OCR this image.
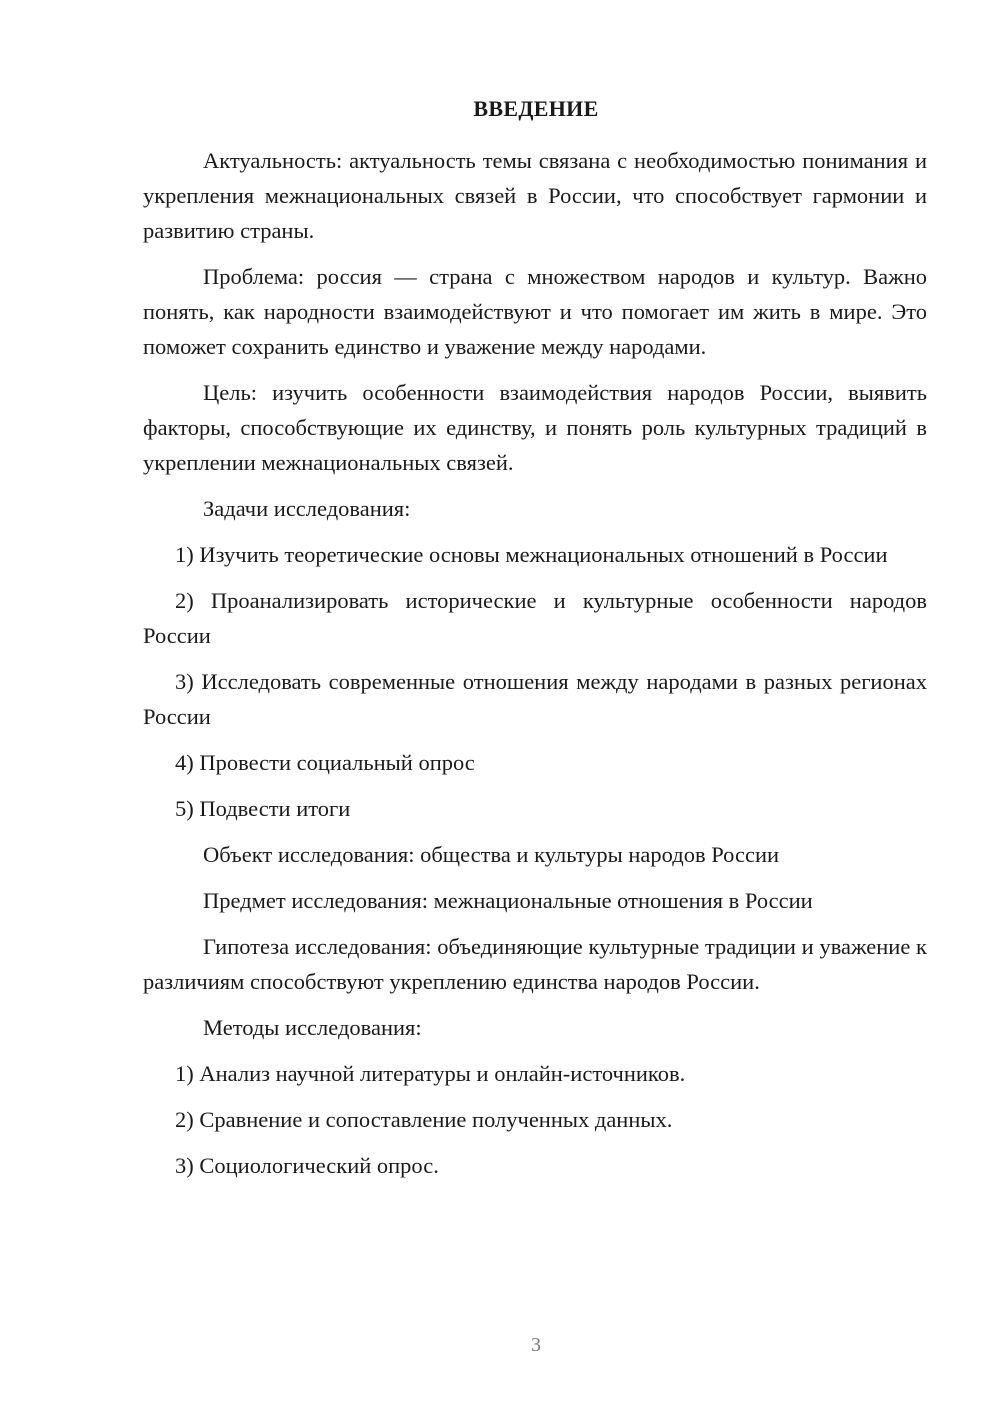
ВВЕДЕНИЕ

Актуальность: актуальность темы связана с необходимостью понимания и укрепления межнациональных связей в России, что способствует гармонии и развитию страны.

Проблема: россия — страна с множеством народов и культур. Важно понять, как народности взаимодействуют и что помогает им жить в мире. Это поможет сохранить единство и уважение между народами.

Цель: изучить особенности взаимодействия народов России, выявить факторы, способствующие их единству, и понять роль культурных традиций в укреплении межнациональных связей.

Задачи исследования:

1) Изучить теоретические основы межнациональных отношений в России

2) Проанализировать исторические и культурные особенности народов России

3) Исследовать современные отношения между народами в разных регионах России

4) Провести социальный опрос

5) Подвести итоги

Объект исследования: общества и культуры народов России

Предмет исследования: межнациональные отношения в России

Гипотеза исследования: объединяющие культурные традиции и уважение к различиям способствуют укреплению единства народов России.

Методы исследования:

1) Анализ научной литературы и онлайн-источников.

2) Сравнение и сопоставление полученных данных.

3) Социологический опрос.

3
